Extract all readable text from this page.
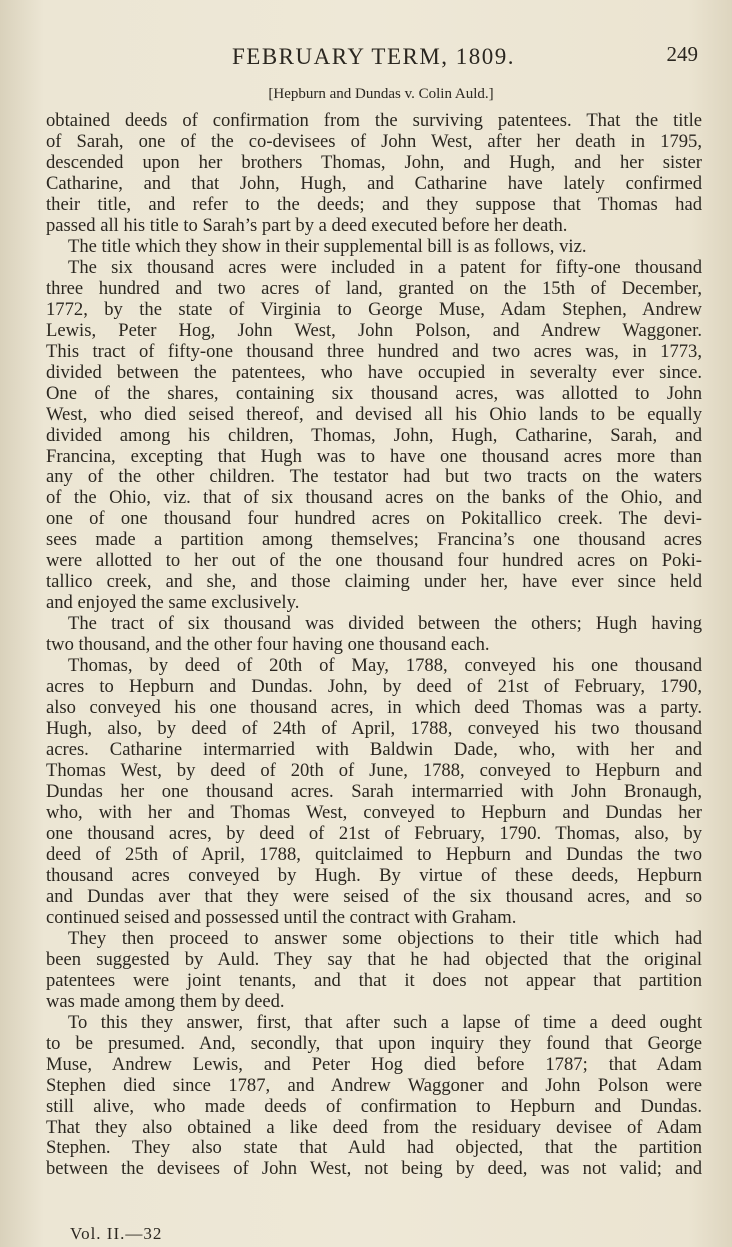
FEBRUARY TERM, 1809.	249
[Hepburn and Dundas v. Colin Auld.]
obtained deeds of confirmation from the surviving patentees. That the title
of Sarah, one of the co-devisees of John West, after her death in 1795,
descended upon her brothers Thomas, John, and Hugh, and her sister
Catharine, and that John, Hugh, and Catharine have lately confirmed
their title, and refer to the deeds; and they suppose that Thomas had
passed all his title to Sarah’s part by a deed executed before her death.
The title which they show in their supplemental bill is as follows, viz.
The six thousand acres were included in a patent for fifty-one thousand
three hundred and two acres of land, granted on the 15th of December,
1772, by the state of Virginia to George Muse, Adam Stephen, Andrew
Lewis, Peter Hog, John West, John Polson, and Andrew Waggoner.
This tract of fifty-one thousand three hundred and two acres was, in 1773,
divided between the patentees, who have occupied in severalty ever since.
One of the shares, containing six thousand acres, was allotted to John
West, who died seised thereof, and devised all his Ohio lands to be equally
divided among his children, Thomas, John, Hugh, Catharine, Sarah, and
Francina, excepting that Hugh was to have one thousand acres more than
any of the other children. The testator had but two tracts on the waters
of the Ohio, viz. that of six thousand acres on the banks of the Ohio, and
one of one thousand four hundred acres on Pokitallico creek. The devi-
sees made a partition among themselves; Francina’s one thousand acres
were allotted to her out of the one thousand four hundred acres on Poki-
tallico creek, and she, and those claiming under her, have ever since held
and enjoyed the same exclusively.
The tract of six thousand was divided between the others; Hugh having
two thousand, and the other four having one thousand each.
Thomas, by deed of 20th of May, 1788, conveyed his one thousand
acres to Hepburn and Dundas. John, by deed of 21st of February, 1790,
also conveyed his one thousand acres, in which deed Thomas was a party.
Hugh, also, by deed of 24th of April, 1788, conveyed his two thousand
acres. Catharine intermarried with Baldwin Dade, who, with her and
Thomas West, by deed of 20th of June, 1788, conveyed to Hepburn and
Dundas her one thousand acres. Sarah intermarried with John Bronaugh,
who, with her and Thomas West, conveyed to Hepburn and Dundas her
one thousand acres, by deed of 21st of February, 1790. Thomas, also, by
deed of 25th of April, 1788, quitclaimed to Hepburn and Dundas the two
thousand acres conveyed by Hugh. By virtue of these deeds, Hepburn
and Dundas aver that they were seised of the six thousand acres, and so
continued seised and possessed until the contract with Graham.
They then proceed to answer some objections to their title which had
been suggested by Auld. They say that he had objected that the original
patentees were joint tenants, and that it does not appear that partition
was made among them by deed.
To this they answer, first, that after such a lapse of time a deed ought
to be presumed. And, secondly, that upon inquiry they found that George
Muse, Andrew Lewis, and Peter Hog died before 1787; that Adam
Stephen died since 1787, and Andrew Waggoner and John Polson were
still alive, who made deeds of confirmation to Hepburn and Dundas.
That they also obtained a like deed from the residuary devisee of Adam
Stephen. They also state that Auld had objected, that the partition
between the devisees of John West, not being by deed, was not valid; and
Vol. II.—32
